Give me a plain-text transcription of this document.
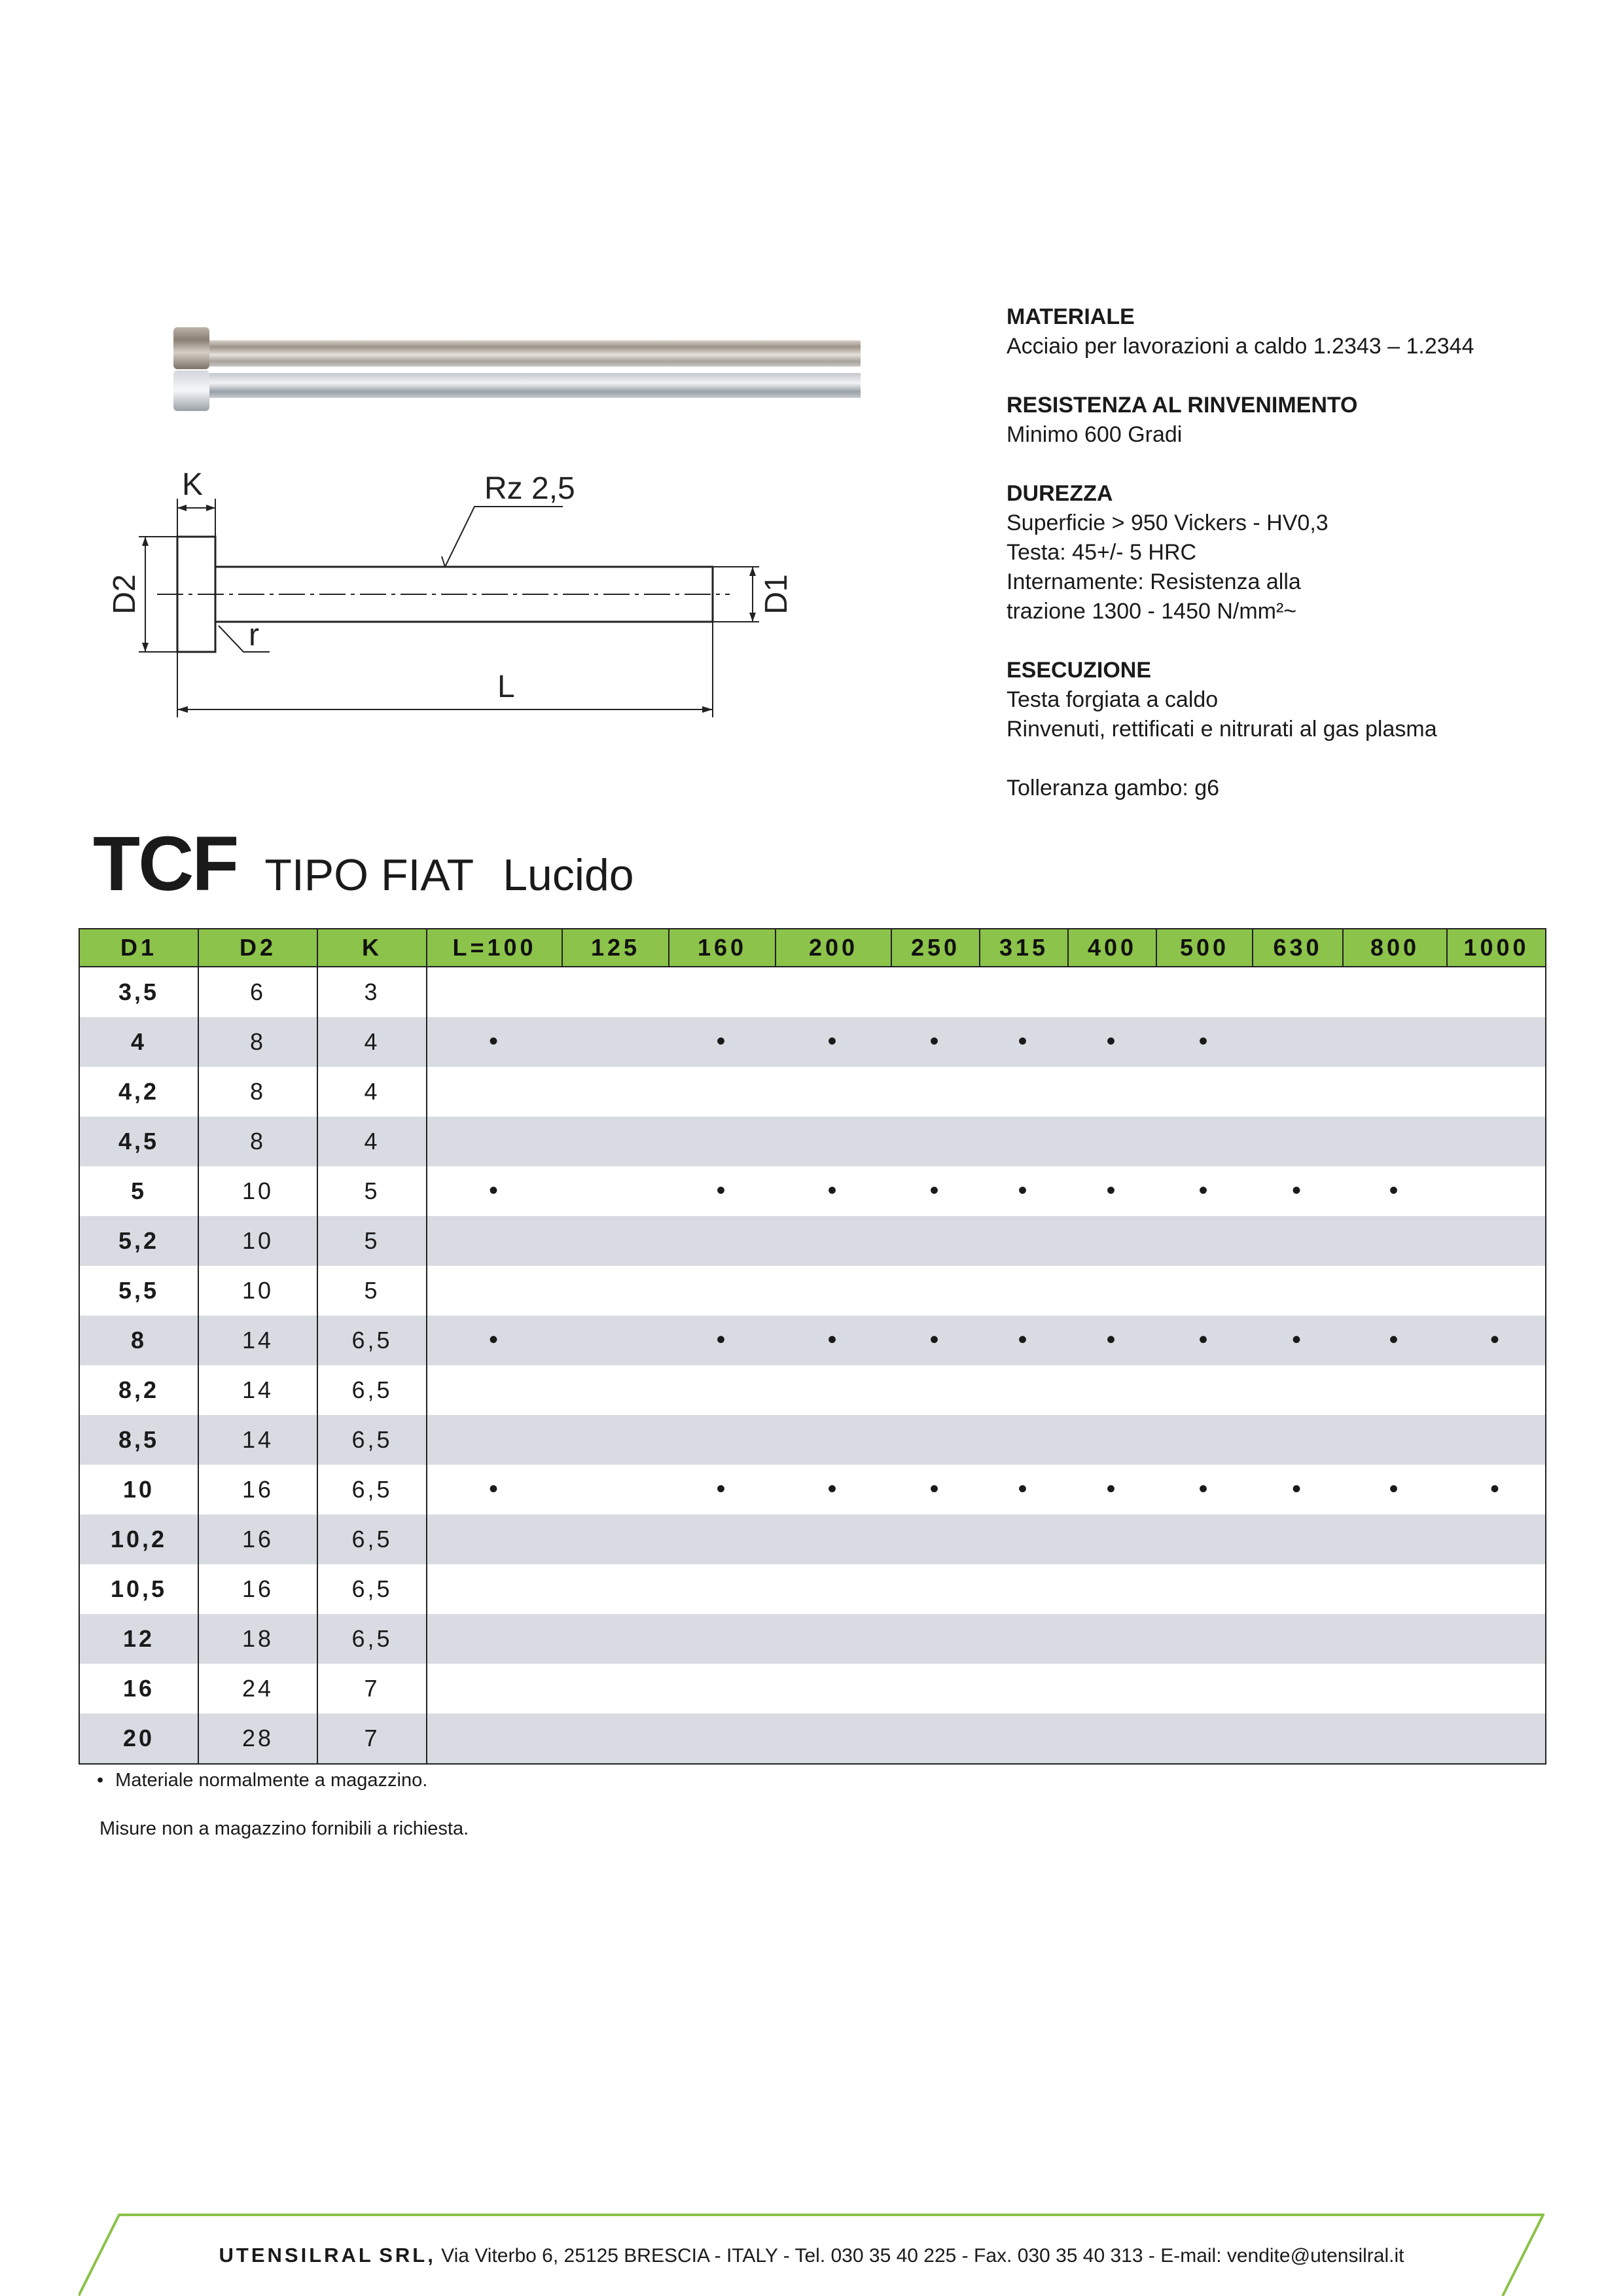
K	Rz 2,5
D2	D1
r
L
MATERIALE
Acciaio per lavorazioni a caldo 1.2343 – 1.2344
RESISTENZA AL RINVENIMENTO
Minimo 600 Gradi
DUREZZA
Superficie > 950 Vickers - HV0,3
Testa: 45+/- 5 HRC
Internamente: Resistenza alla
trazione 1300 - 1450 N/mm²~
ESECUZIONE
Testa forgiata a caldo
Rinvenuti, rettificati e nitrurati al gas plasma
Tolleranza gambo: g6
TCF TIPO FIAT Lucido
D1	D2	K	L=100	125	160	200	250	315	400	500	630	800	1000
3,5	6	3											
4	8	4	•		•	•	•	•	•	•			
4,2	8	4											
4,5	8	4											
5	10	5	•		•	•	•	•	•	•	•	•	
5,2	10	5											
5,5	10	5											
8	14	6,5	•		•	•	•	•	•	•	•	•	•
8,2	14	6,5											
8,5	14	6,5											
10	16	6,5	•		•	•	•	•	•	•	•	•	•
10,2	16	6,5											
10,5	16	6,5											
12	18	6,5											
16	24	7											
20	28	7											
• Materiale normalmente a magazzino.
Misure non a magazzino fornibili a richiesta.
UTENSILRAL SRL, Via Viterbo 6, 25125 BRESCIA - ITALY - Tel. 030 35 40 225 - Fax. 030 35 40 313 - E-mail: vendite@utensilral.it
